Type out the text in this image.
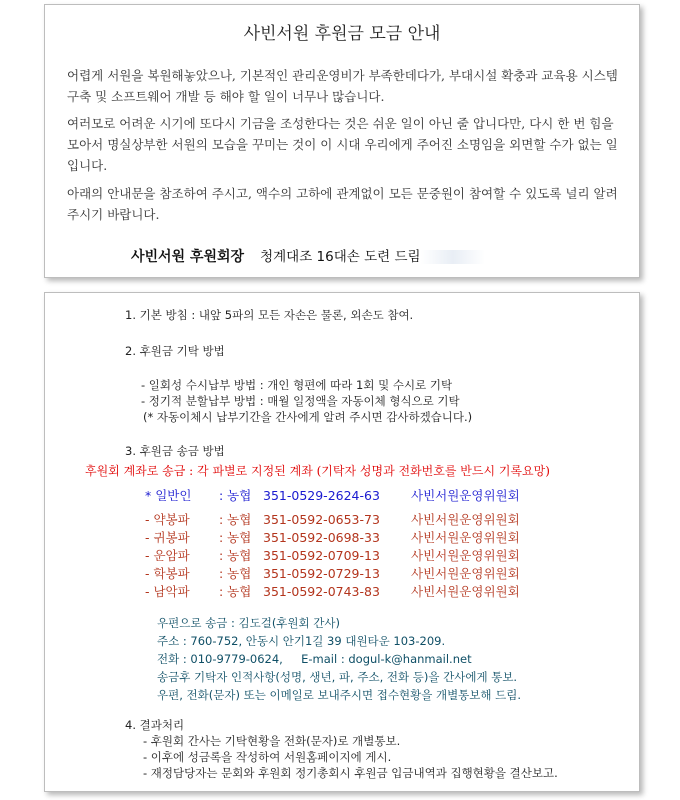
사빈서원 후원금 모금 안내

어렵게 서원을 복원해놓았으나, 기본적인 관리운영비가 부족한데다가, 부대시설 확충과 교육용 시스템 구축 및 소프트웨어 개발 등 해야 할 일이 너무나 많습니다.

여러모로 어려운 시기에 또다시 기금을 조성한다는 것은 쉬운 일이 아닌 줄 압니다만, 다시 한 번 힘을 모아서 명실상부한 서원의 모습을 꾸미는 것이 이 시대 우리에게 주어진 소명임을 외면할 수가 없는 일입니다.

아래의 안내문을 참조하여 주시고, 액수의 고하에 관계없이 모든 문중원이 참여할 수 있도록 널리 알려 주시기 바랍니다.

사빈서원 후원회장 청계대조 16대손 도련 드림

1. 기본 방침 : 내앞 5파의 모든 자손은 물론, 외손도 참여.

2. 후원금 기탁 방법

- 일회성 수시납부 방법 : 개인 형편에 따라 1회 및 수시로 기탁

- 정기적 분할납부 방법 : 매월 일정액을 자동이체 형식으로 기탁

(* 자동이체시 납부기간을 간사에게 알려 주시면 감사하겠습니다.)

3. 후원금 송금 방법

후원회 계좌로 송금 : 각 파별로 지정된 계좌 (기탁자 성명과 전화번호를 반드시 기록요망)

* 일반인 : 농협 351-0529-2624-63 사빈서원운영위원회
- 약봉파 : 농협 351-0592-0653-73 사빈서원운영위원회
- 귀봉파 : 농협 351-0592-0698-33 사빈서원운영위원회
- 운암파 : 농협 351-0592-0709-13 사빈서원운영위원회
- 학봉파 : 농협 351-0592-0729-13 사빈서원운영위원회
- 남악파 : 농협 351-0592-0743-83 사빈서원운영위원회

우편으로 송금 : 김도걸(후원회 간사)

주소 : 760-752, 안동시 안기1길 39 대원타운 103-209.

전화 : 010-9779-0624,     E-mail : dogul-k@hanmail.net

송금후 기탁자 인적사항(성명, 생년, 파, 주소, 전화 등)을 간사에게 통보.

우편, 전화(문자) 또는 이메일로 보내주시면 접수현황을 개별통보해 드림.

4. 결과처리

- 후원회 간사는 기탁현황을 전화(문자)로 개별통보.

- 이후에 성금록을 작성하여 서원홈페이지에 게시.

- 재정담당자는 문회와 후원회 정기총회시 후원금 입금내역과 집행현황을 결산보고.
